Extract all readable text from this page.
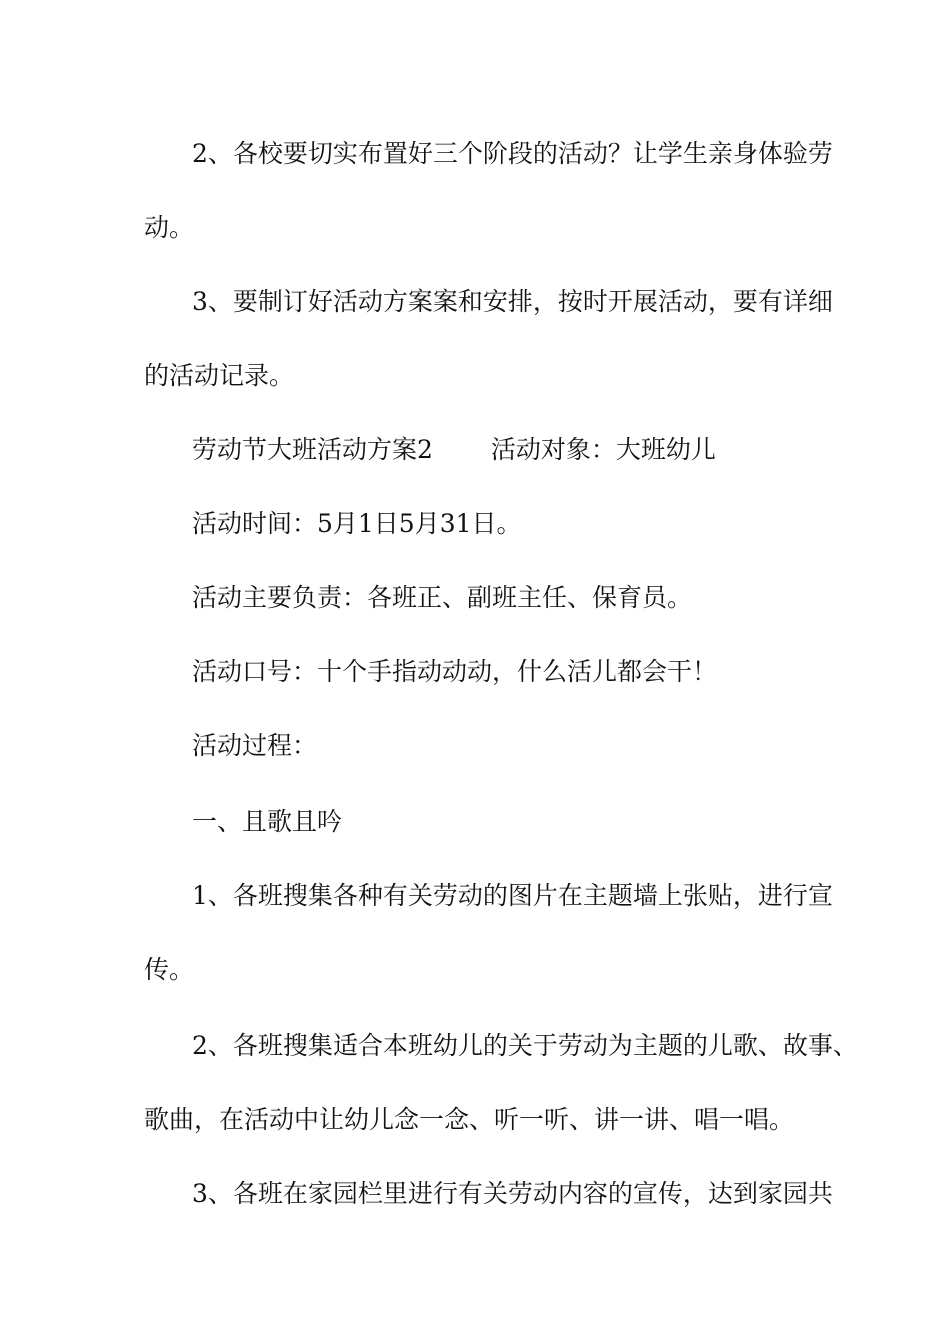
2、各校要切实布置好三个阶段的活动？让学生亲身体验劳

动。

3、要制订好活动方案案和安排，按时开展活动，要有详细

的活动记录。

劳动节大班活动方案2　　 活动对象：大班幼儿

活动时间：5月1日5月31日。

活动主要负责：各班正、副班主任、保育员。

活动口号：十个手指动动动，什么活儿都会干！

活动过程：

一、且歌且吟

1、各班搜集各种有关劳动的图片在主题墙上张贴，进行宣

传。

2、各班搜集适合本班幼儿的关于劳动为主题的儿歌、故事、

歌曲，在活动中让幼儿念一念、听一听、讲一讲、唱一唱。

3、各班在家园栏里进行有关劳动内容的宣传，达到家园共
